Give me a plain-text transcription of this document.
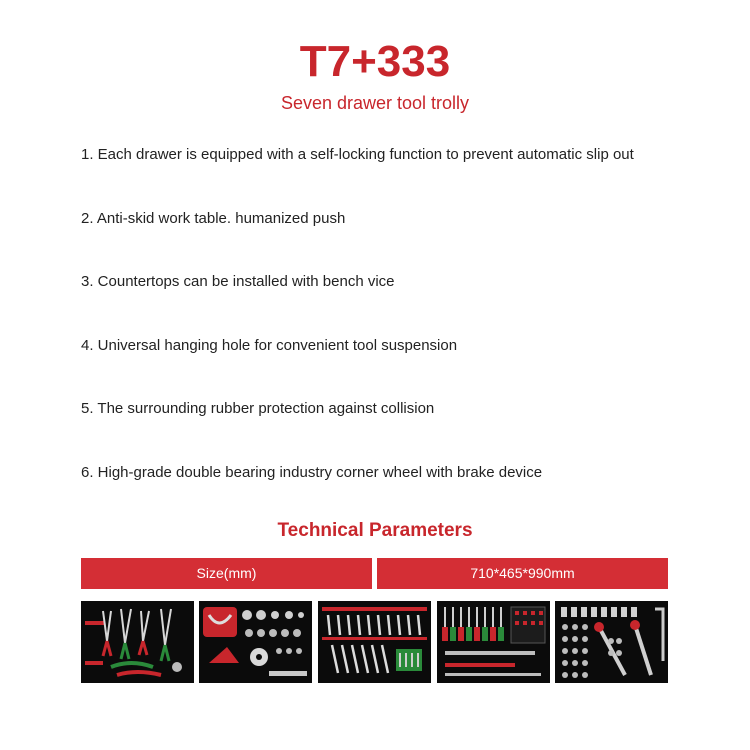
T7+333
Seven drawer tool trolly
1. Each drawer is equipped with a self-locking function to prevent automatic slip out
2. Anti-skid work table. humanized push
3. Countertops can be installed with bench vice
4. Universal hanging hole for convenient tool suspension
5. The surrounding rubber protection against collision
6. High-grade double bearing industry corner wheel with brake device
Technical Parameters
Size(mm)	710*465*990mm
